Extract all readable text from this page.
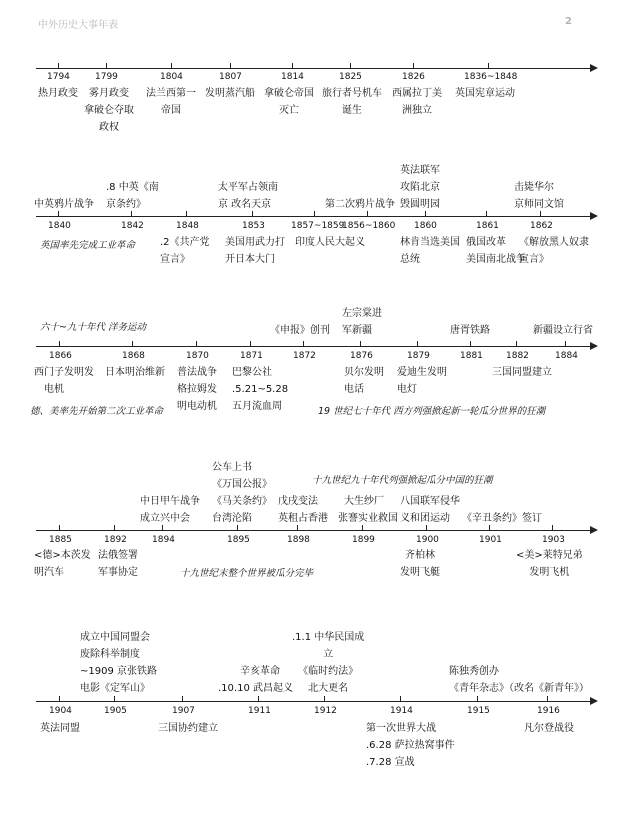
中外历史大事年表	2
1794	1799	1804	1807	1814	1825	1826	1836~1848
热月政变	雾月政变
拿破仑夺取
政权
法兰西第一
帝国
发明蒸汽船 拿破仑帝国
灭亡
旅行者号机车
诞生
西属拉丁美
洲独立
英国宪章运动
1840	1842	1848	1853	1857~1859
1856~1860 1860	1861	1862
中英鸦片战争
.8 中英《南
京条约》
太平军占领南
京 改名天京	第二次鸦片战争
英法联军
攻陷北京
毁圆明园
击毙华尔
京师同文馆
.2《共产党
宣言》
美国用武力打
开日本大门
印度人民大起义	林肯当选美国
总统
俄国改革
美国南北战争
《解放黑人奴隶
宣言》
英国率先完成工业革命
1866	1868	1870	1871	1872	1876	1879	1881	1882	1884
《申报》创刊
左宗棠进
军新疆	唐胥铁路	新疆设立行省
西门子发明发
电机
日本明治维新 普法战争
格拉姆发
明电动机
巴黎公社
.5.21~5.28
五月流血周
贝尔发明
电话
爱迪生发明
电灯
三国同盟建立
六十~九十年代 洋务运动
德、美率先开始第二次工业革命	19 世纪七十年代 西方列强掀起新一轮瓜分世界的狂潮
1885	1892	1894	1895	1898	1899	1900	1901	1903
中日甲午战争
成立兴中会
公车上书
《万国公报》
《马关条约》
台湾沦陷
戊戌变法
英租占香港
大生纱厂
张謇实业救国
八国联军侵华
义和团运动	《辛丑条约》签订
<德>本茨发
明汽车
法俄签署
军事协定
齐柏林
发明飞艇
<美>莱特兄弟
发明飞机
十九世纪九十年代列强掀起瓜分中国的狂潮
十九世纪末整个世界被瓜分完毕
1904	1905	1907	1911	1912	1914	1915	1916
成立中国同盟会
废除科举制度
~1909 京张铁路
电影《定军山》
辛亥革命
.10.10 武昌起义
.1.1 中华民国成
立
《临时约法》
北大更名
陈独秀创办
《青年杂志》（改名《新青年》）
英法同盟	三国协约建立	第一次世界大战
.6.28 萨拉热窝事件
.7.28 宣战
凡尔登战役
